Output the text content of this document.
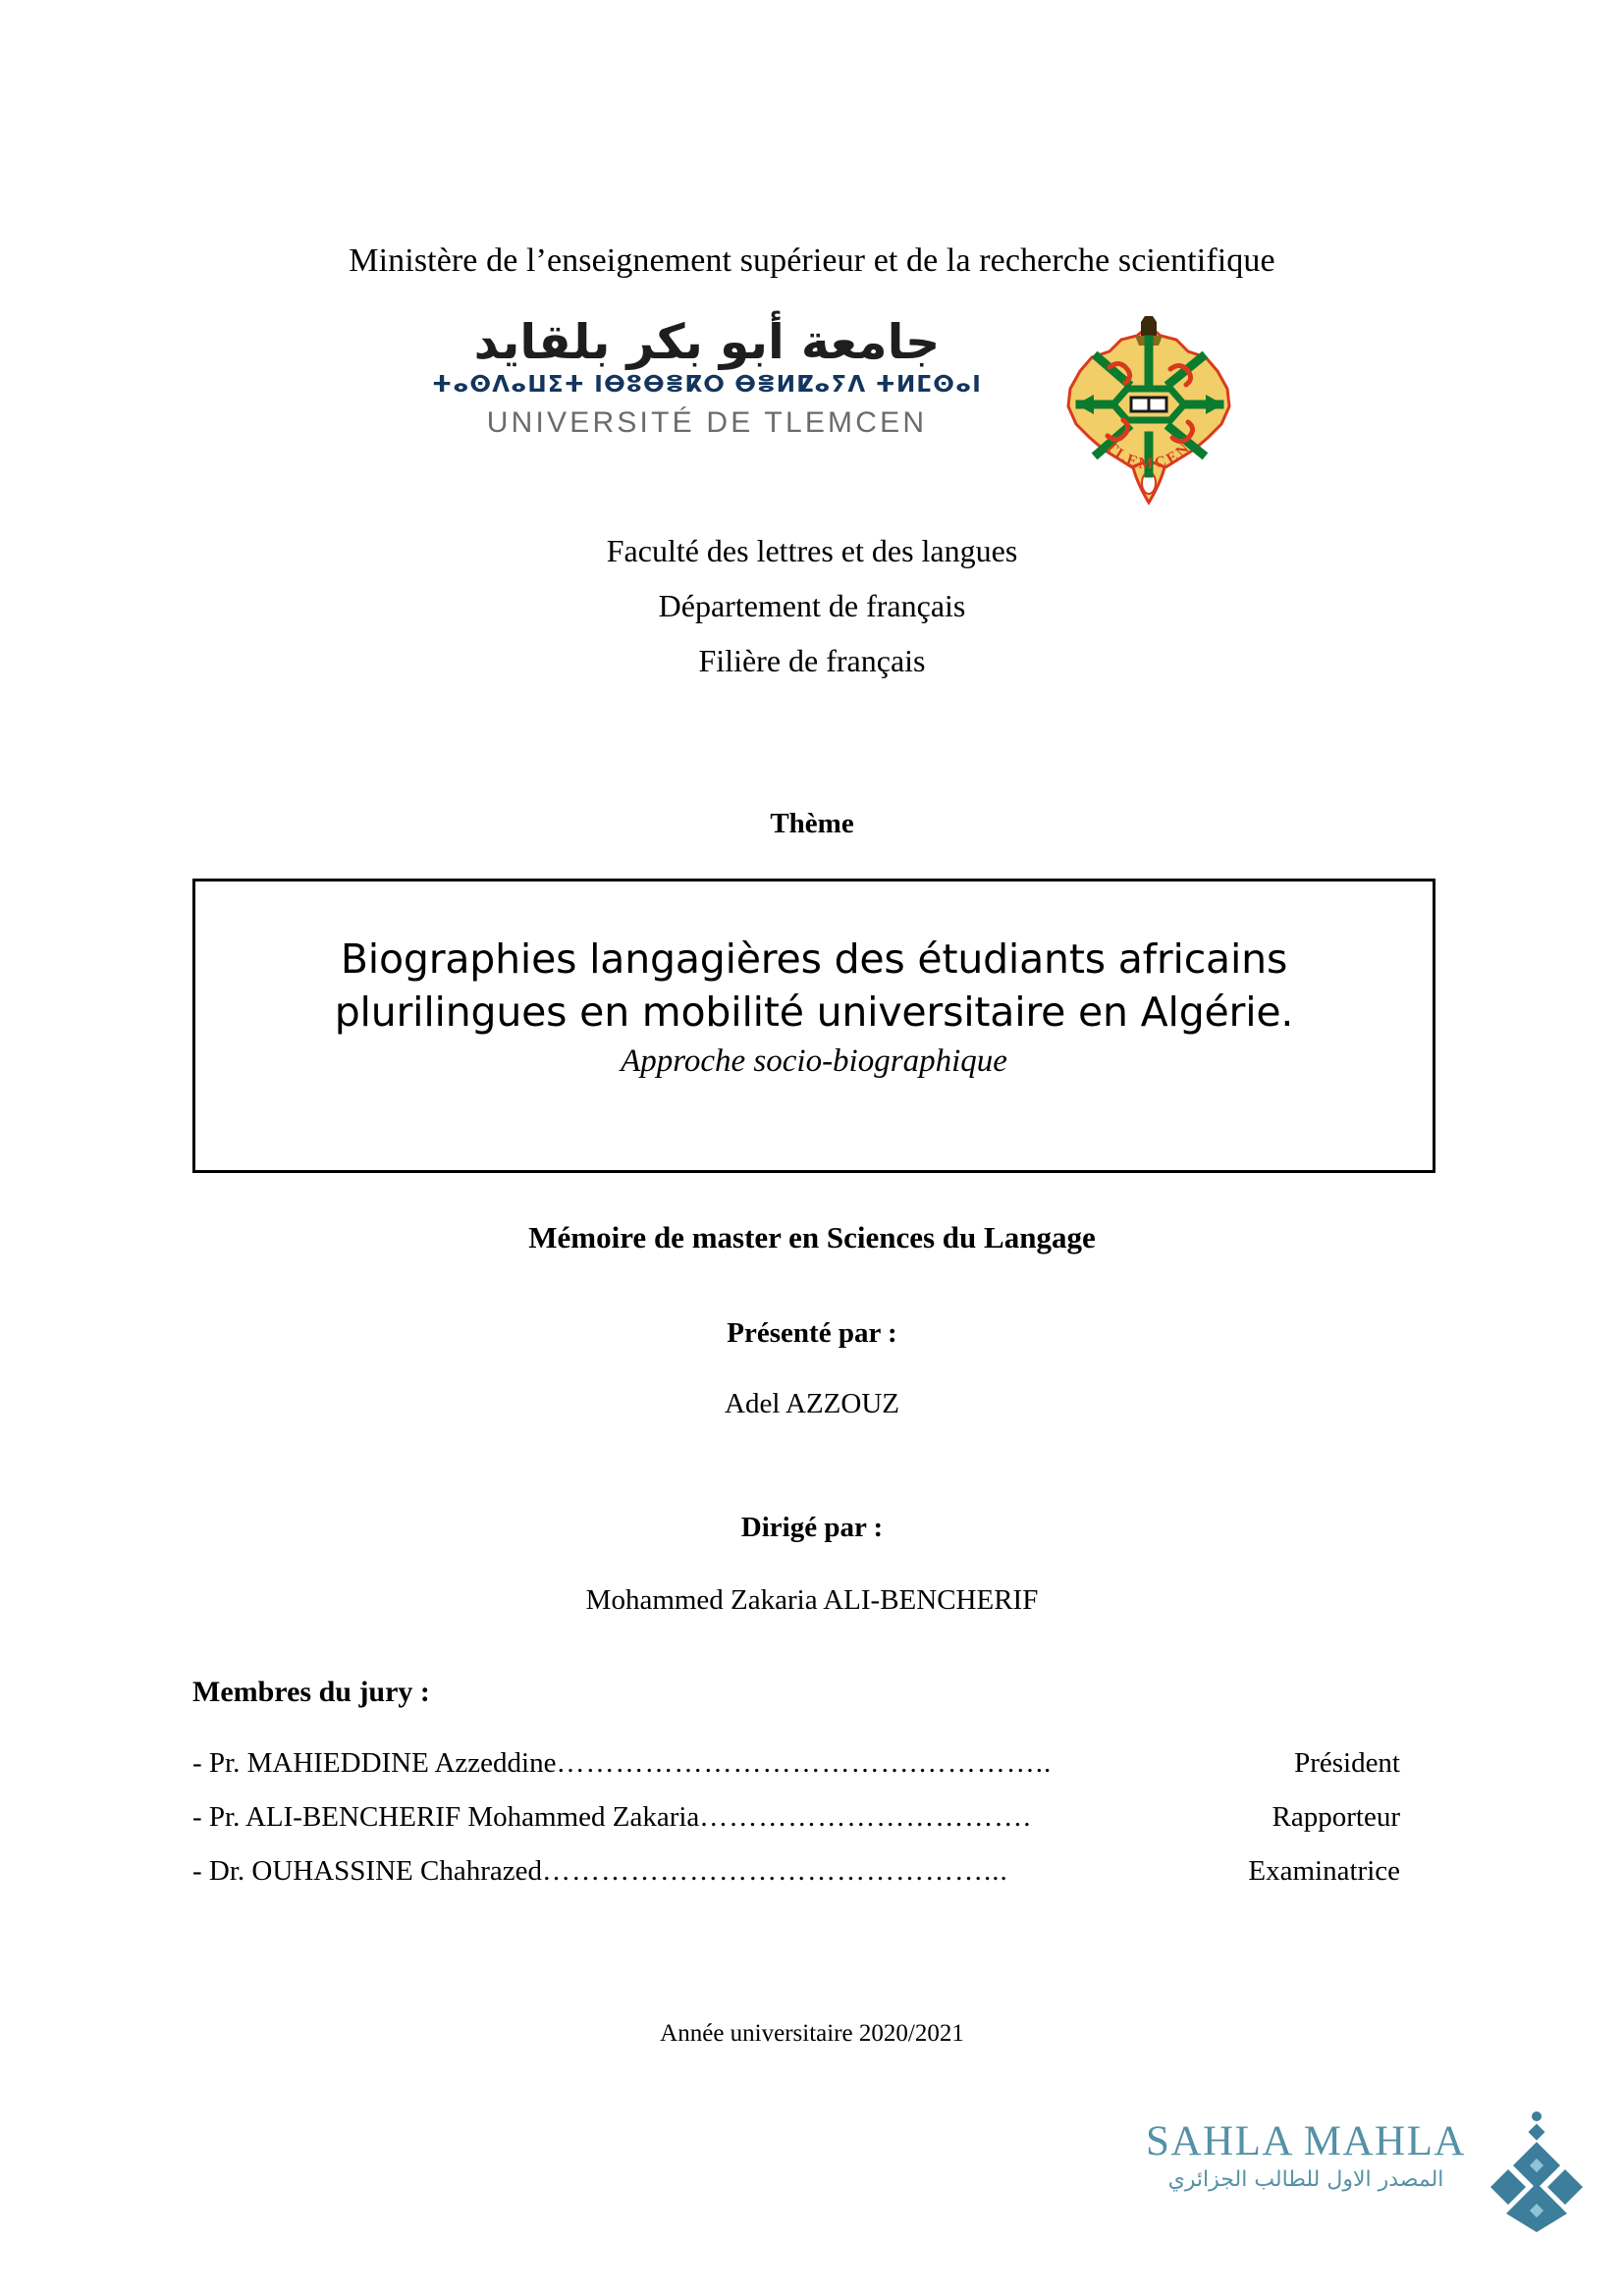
Ministère de l’enseignement supérieur et de la recherche scientifique
جامعة أبو بكر بلقايد
ⵜⴰⵙⴷⴰⵡⵉⵜ ⵏⴱⵓⴱⴻⴽⵔ ⴱⴻⵍⵇⴰⵢⴷ ⵜⵍⵎⵙⴰⵏ
UNIVERSITÉ DE TLEMCEN
TLEMCEN
Faculté des lettres et des langues
Département de français
Filière de français
Thème
Biographies langagières des étudiants africains
plurilingues en mobilité universitaire en Algérie.
Approche socio-biographique
Mémoire de master en Sciences du Langage
Présenté par :
Adel AZZOUZ
Dirigé par :
Mohammed Zakaria ALI-BENCHERIF
Membres du jury :
- Pr. MAHIEDDINE Azzeddine ……………………………….…………..	Président
- Pr. ALI-BENCHERIF Mohammed Zakaria …………………………….	Rapporteur
- Dr. OUHASSINE Chahrazed ………………………………………...	Examinatrice
Année universitaire 2020/2021
SAHLA MAHLA
المصدر الاول للطالب الجزائري
